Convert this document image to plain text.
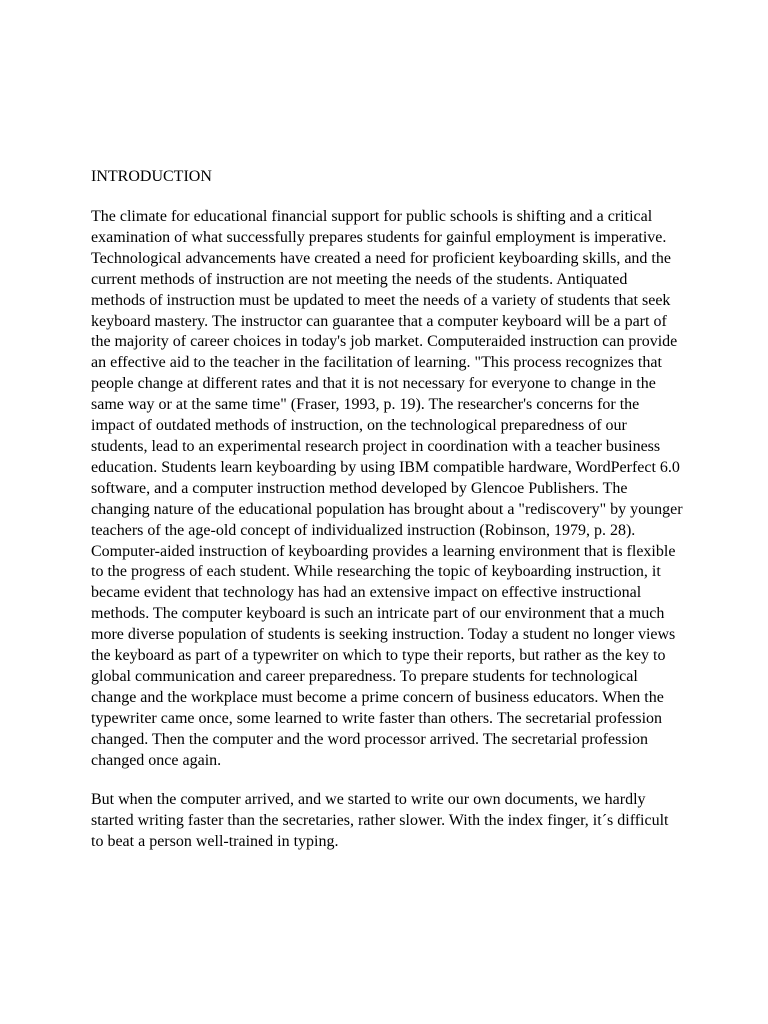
INTRODUCTION

The climate for educational financial support for public schools is shifting and a critical examination of what successfully prepares students for gainful employment is imperative. Technological advancements have created a need for proficient keyboarding skills, and the current methods of instruction are not meeting the needs of the students. Antiquated methods of instruction must be updated to meet the needs of a variety of students that seek keyboard mastery. The instructor can guarantee that a computer keyboard will be a part of the majority of career choices in today's job market. Computeraided instruction can provide an effective aid to the teacher in the facilitation of learning. "This process recognizes that people change at different rates and that it is not necessary for everyone to change in the same way or at the same time" (Fraser, 1993, p. 19). The researcher's concerns for the impact of outdated methods of instruction, on the technological preparedness of our students, lead to an experimental research project in coordination with a teacher business education. Students learn keyboarding by using IBM compatible hardware, WordPerfect 6.0 software, and a computer instruction method developed by Glencoe Publishers. The changing nature of the educational population has brought about a "rediscovery" by younger teachers of the age-old concept of individualized instruction (Robinson, 1979, p. 28). Computer-aided instruction of keyboarding provides a learning environment that is flexible to the progress of each student. While researching the topic of keyboarding instruction, it became evident that technology has had an extensive impact on effective instructional methods. The computer keyboard is such an intricate part of our environment that a much more diverse population of students is seeking instruction. Today a student no longer views the keyboard as part of a typewriter on which to type their reports, but rather as the key to global communication and career preparedness. To prepare students for technological change and the workplace must become a prime concern of business educators. When the typewriter came once, some learned to write faster than others. The secretarial profession changed. Then the computer and the word processor arrived. The secretarial profession changed once again.

But when the computer arrived, and we started to write our own documents, we hardly started writing faster than the secretaries, rather slower. With the index finger, it´s difficult to beat a person well-trained in typing.
